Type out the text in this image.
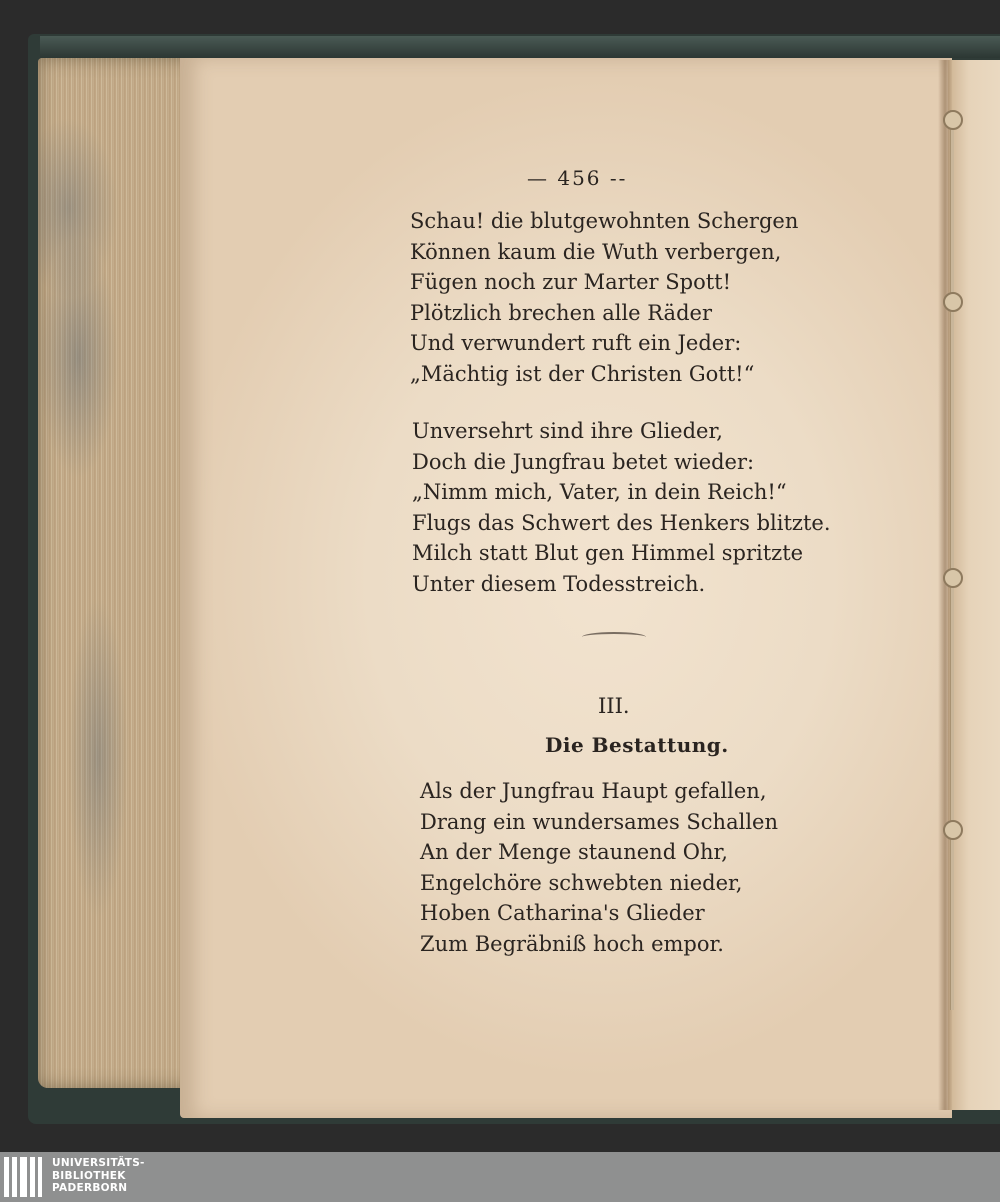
— 456 --
Schau! die blutgewohnten Schergen
Können kaum die Wuth verbergen,
Fügen noch zur Marter Spott!
Plötzlich brechen alle Räder
Und verwundert ruft ein Jeder:
„Mächtig ist der Christen Gott!“
Unversehrt sind ihre Glieder,
Doch die Jungfrau betet wieder:
„Nimm mich, Vater, in dein Reich!“
Flugs das Schwert des Henkers blitzte.
Milch statt Blut gen Himmel spritzte
Unter diesem Todesstreich.
III.
Die Bestattung.
Als der Jungfrau Haupt gefallen,
Drang ein wundersames Schallen
An der Menge staunend Ohr,
Engelchöre schwebten nieder,
Hoben Catharina's Glieder
Zum Begräbniß hoch empor.
UNIVERSITÄTS-
BIBLIOTHEK
PADERBORN
